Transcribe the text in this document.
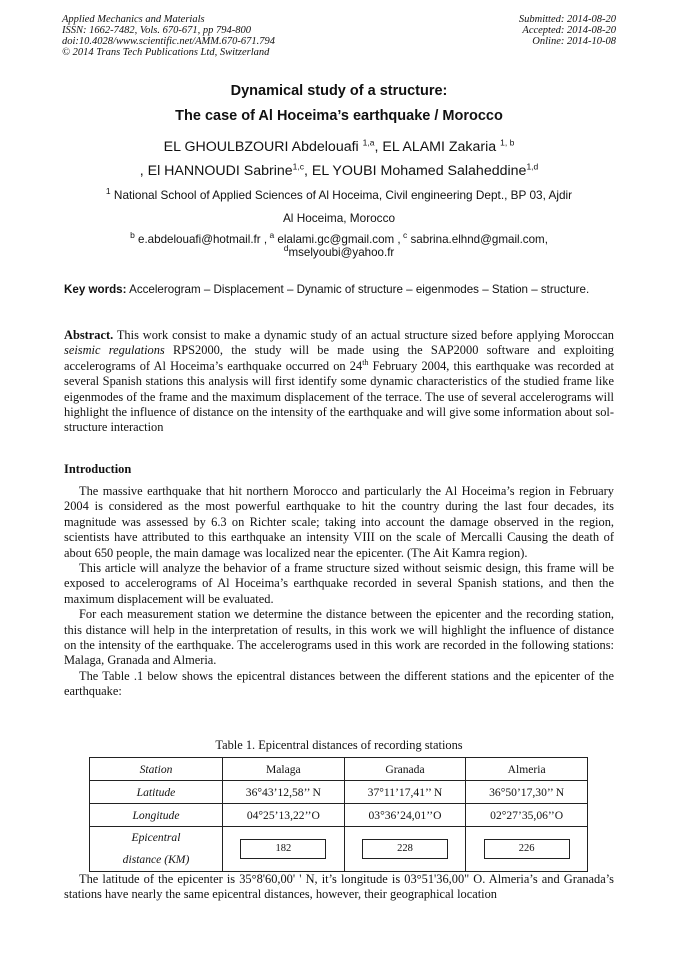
Applied Mechanics and Materials
ISSN: 1662-7482, Vols. 670-671, pp 794-800
doi:10.4028/www.scientific.net/AMM.670-671.794
© 2014 Trans Tech Publications Ltd, Switzerland
Submitted: 2014-08-20
Accepted: 2014-08-20
Online: 2014-10-08
Dynamical study of a structure:
The case of Al Hoceima’s earthquake / Morocco
EL GHOULBZOURI Abdelouafi $^{1,a}$, EL ALAMI Zakaria $^{1, b}$
, El HANNOUDI Sabrine$^{1,c}$, EL YOUBI Mohamed Salaheddine$^{1,d}$
$^1$ National School of Applied Sciences of Al Hoceima, Civil engineering Dept., BP 03, Ajdir
Al Hoceima, Morocco
$^b$ e.abdelouafi@hotmail.fr , $^a$ elalami.gc@gmail.com , $^c$ sabrina.elhnd@gmail.com,
$^d$mselyoubi@yahoo.fr
Key words: Accelerogram – Displacement – Dynamic of structure – eigenmodes – Station – structure.
Abstract. This work consist to make a dynamic study of an actual structure sized before applying Moroccan seismic regulations RPS2000, the study will be made using the SAP2000 software and exploiting accelerograms of Al Hoceima’s earthquake occurred on 24th February 2004, this earthquake was recorded at several Spanish stations this analysis will first identify some dynamic characteristics of the studied frame like eigenmodes of the frame and the maximum displacement of the terrace. The use of several accelerograms will highlight the influence of distance on the intensity of the earthquake and will give some information about sol-structure interaction
Introduction

The massive earthquake that hit northern Morocco and particularly the Al Hoceima’s region in February 2004 is considered as the most powerful earthquake to hit the country during the last four decades, its magnitude was assessed by 6.3 on Richter scale; taking into account the damage observed in the region, scientists have attributed to this earthquake an intensity VIII on the scale of Mercalli Causing the death of about 650 people, the main damage was localized near the epicenter. (The Ait Kamra region).

This article will analyze the behavior of a frame structure sized without seismic design, this frame will be exposed to accelerograms of Al Hoceima’s earthquake recorded in several Spanish stations, and then the maximum displacement will be evaluated.

For each measurement station we determine the distance between the epicenter and the recording station, this distance will help in the interpretation of results, in this work we will highlight the influence of distance on the intensity of the earthquake. The accelerograms used in this work are recorded in the following stations: Malaga, Granada and Almeria.

The Table .1 below shows the epicentral distances between the different stations and the epicenter of the earthquake:

Table 1. Epicentral distances of recording stations
Station	Malaga	Granada	Almeria
Latitude	36°43’12,58’’ N	37°11’17,41’’ N	36°50’17,30’’ N
Longitude	04°25’13,22’’O	03°36’24,01’’O	02°27’35,06’’O

Epicentral
distance (KM)	182	228	226

The latitude of the epicenter is 35°8'60,00' ' N, it’s longitude is 03°51'36,00" O. Almeria’s and Granada’s stations have nearly the same epicentral distances, however, their geographical location
